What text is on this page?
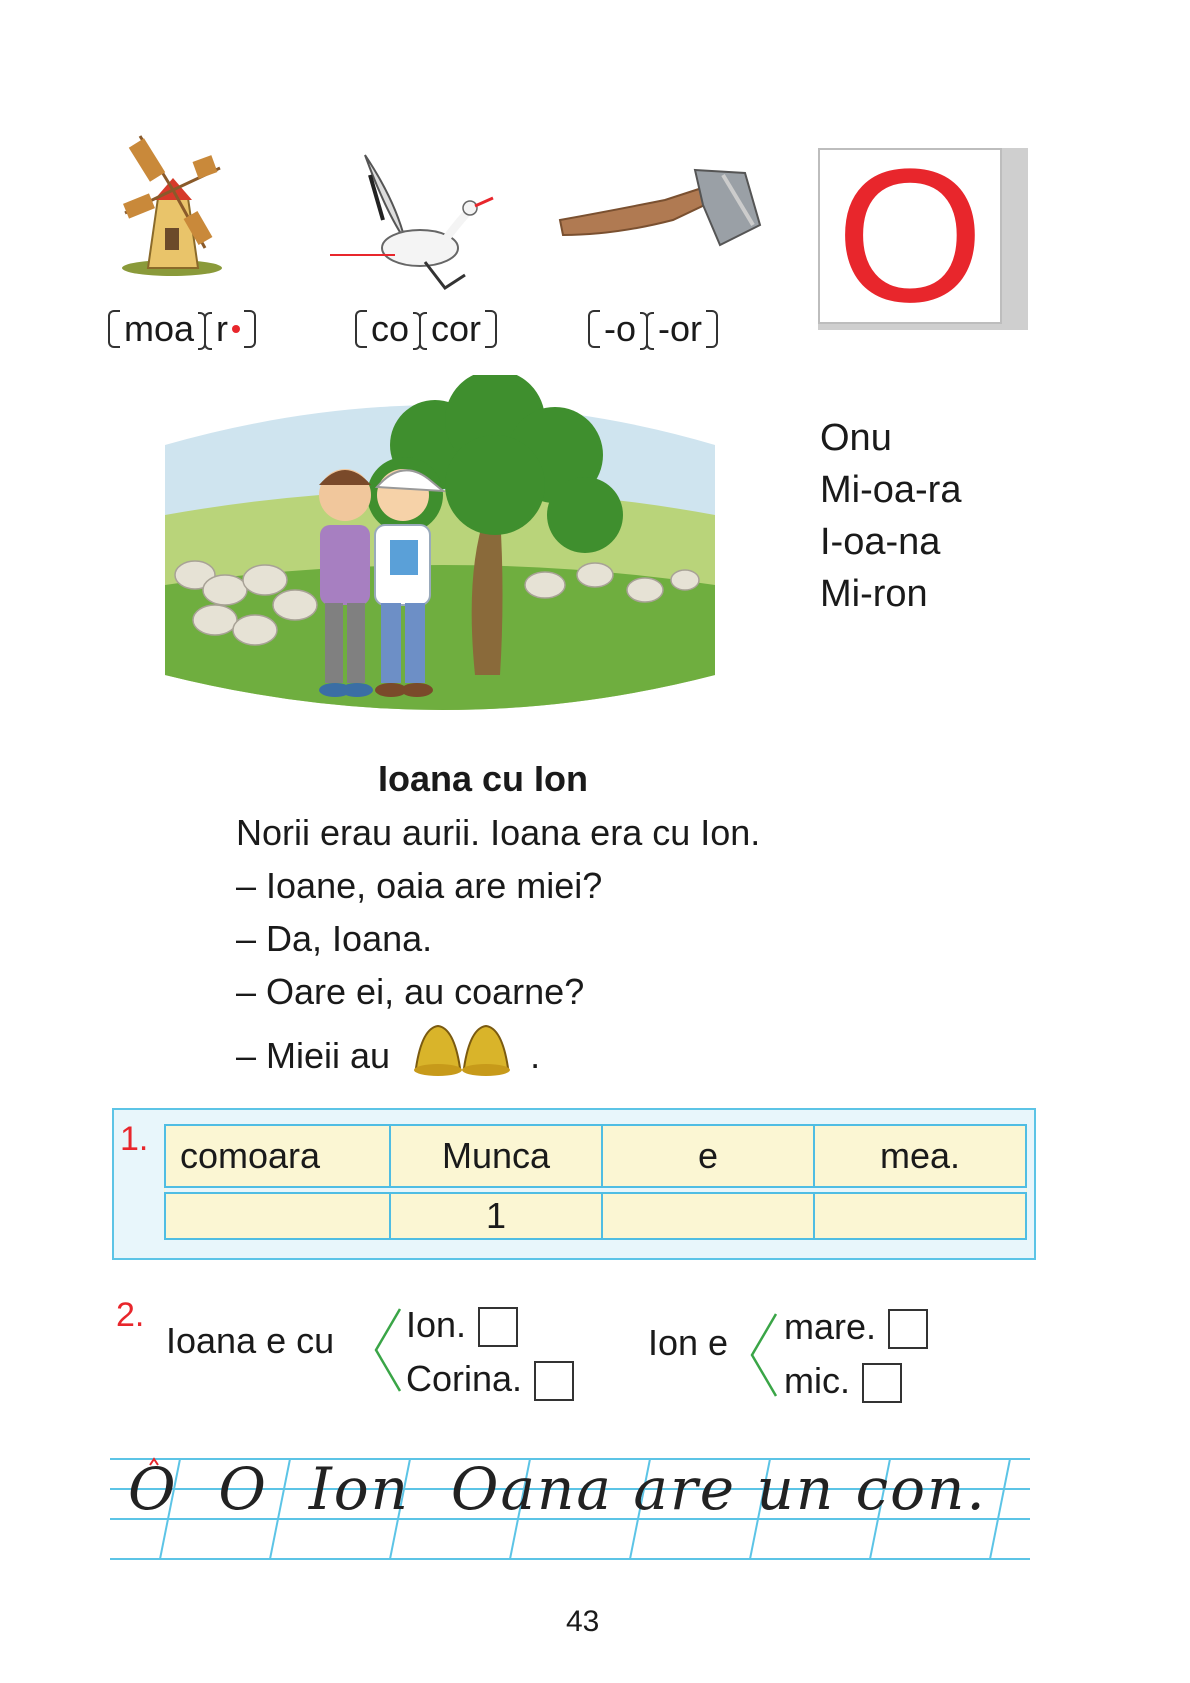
moa r	co cor	-o -or O
Onu
Mi-oa-ra
I-oa-na
Mi-ron
Ioana cu Ion
Norii erau aurii. Ioana era cu Ion.
– Ioane, oaia are miei?
– Da, Ioana.
– Oare ei, au coarne?
– Mieii au	.
1. comoara	Munca	e	mea.

	1		
2.
Ioana e cu Ion.
Corina.
Ion e mare.
mic.
O  O  Ion  Oana are un con.
43
